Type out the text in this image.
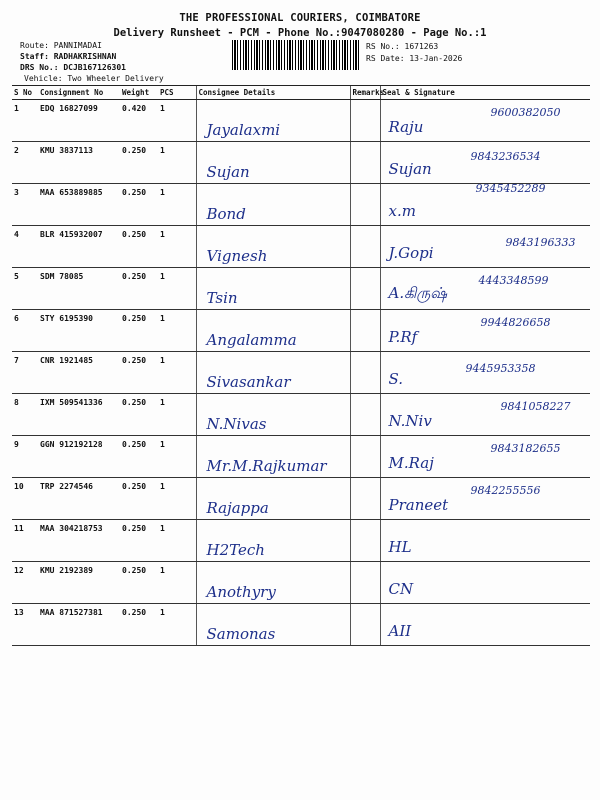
THE PROFESSIONAL COURIERS, COIMBATORE
Delivery Runsheet - PCM - Phone No.:9047080280 - Page No.:1
Route: PANNIMADAI
Staff: RADHAKRISHNAN
DRS No.: DCJB167126301
Vehicle: Two Wheeler Delivery
RS No.: 1671263
RS Date: 13-Jan-2026
S No	Consignment No	Weight	PCS	Consignee Details	Remarks	Seal & Signature
1	EDQ 16827099	0.420	1	Jayalaxmi		Raju
9600382050

2	KMU 3837113	0.250	1	Sujan		Sujan
9843236534

3	MAA 653889885	0.250	1	Bond		x.m
9345452289

4	BLR 415932007	0.250	1	Vignesh		J.Gopi
9843196333

5	SDM 78085	0.250	1	Tsin		A.கிருஷ்
4443348599

6	STY 6195390	0.250	1	Angalamma		P.Rf
9944826658

7	CNR 1921485	0.250	1	Sivasankar		S.
9445953358

8	IXM 509541336	0.250	1	N.Nivas		N.Niv
9841058227

9	GGN 912192128	0.250	1	Mr.M.Rajkumar		M.Raj
9843182655

10	TRP 2274546	0.250	1	Rajappa		Praneet
9842255556

11	MAA 304218753	0.250	1	H2Tech		HL

12	KMU 2192389	0.250	1	Anothyry		CN

13	MAA 871527381	0.250	1	Samonas		AII
